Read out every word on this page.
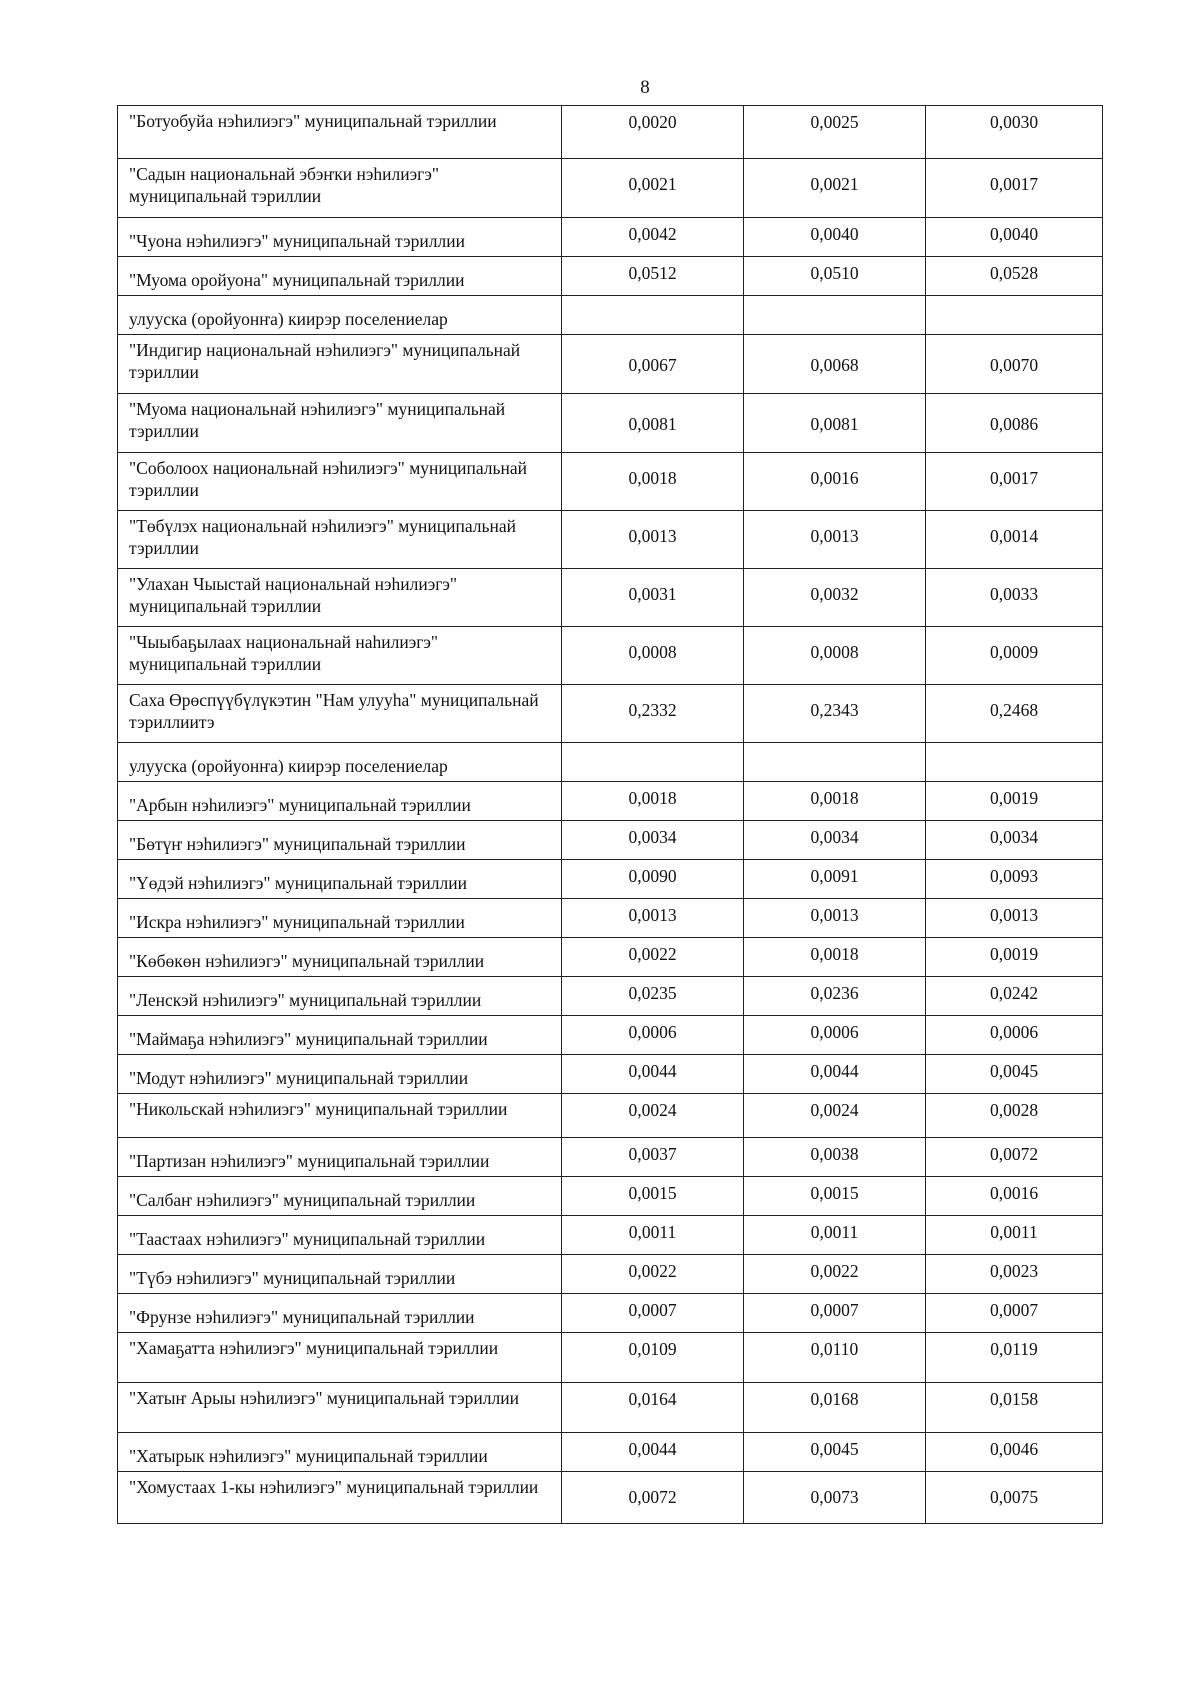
8
"Ботуобуйа нэһилиэгэ" муниципальнай тэриллии	0,0020	0,0025	0,0030
"Садын национальнай эбэҥки нэһилиэгэ" муниципальнай тэриллии	0,0021	0,0021	0,0017
"Чуона нэһилиэгэ" муниципальнай тэриллии	0,0042	0,0040	0,0040
"Муома оройуона" муниципальнай тэриллии	0,0512	0,0510	0,0528
улууска (оройуонҥа) киирэр поселениелар			
"Индигир национальнай нэһилиэгэ" муниципальнай тэриллии	0,0067	0,0068	0,0070
"Муома национальнай нэһилиэгэ" муниципальнай тэриллии	0,0081	0,0081	0,0086
"Соболоох национальнай нэһилиэгэ" муниципальнай тэриллии	0,0018	0,0016	0,0017
"Төбүлэх национальнай нэһилиэгэ" муниципальнай тэриллии	0,0013	0,0013	0,0014
"Улахан Чыыстай национальнай нэһилиэгэ" муниципальнай тэриллии	0,0031	0,0032	0,0033
"Чыыбаҕылаах национальнай наһилиэгэ" муниципальнай тэриллии	0,0008	0,0008	0,0009
Саха Өрөспүүбүлүкэтин "Нам улууһа" муниципальнай тэриллиитэ	0,2332	0,2343	0,2468
улууска (оройуонҥа) киирэр поселениелар			
"Арбын нэһилиэгэ" муниципальнай тэриллии	0,0018	0,0018	0,0019
"Бөтүҥ нэһилиэгэ" муниципальнай тэриллии	0,0034	0,0034	0,0034
"Үөдэй нэһилиэгэ" муниципальнай тэриллии	0,0090	0,0091	0,0093
"Искра нэһилиэгэ" муниципальнай тэриллии	0,0013	0,0013	0,0013
"Көбөкөн нэһилиэгэ" муниципальнай тэриллии	0,0022	0,0018	0,0019
"Ленскэй нэһилиэгэ" муниципальнай тэриллии	0,0235	0,0236	0,0242
"Маймаҕа нэһилиэгэ" муниципальнай тэриллии	0,0006	0,0006	0,0006
"Модут нэһилиэгэ" муниципальнай тэриллии	0,0044	0,0044	0,0045
"Никольскай нэһилиэгэ" муниципальнай тэриллии	0,0024	0,0024	0,0028
"Партизан нэһилиэгэ" муниципальнай тэриллии	0,0037	0,0038	0,0072
"Салбаҥ нэһилиэгэ" муниципальнай тэриллии	0,0015	0,0015	0,0016
"Таастаах нэһилиэгэ" муниципальнай тэриллии	0,0011	0,0011	0,0011
"Түбэ нэһилиэгэ" муниципальнай тэриллии	0,0022	0,0022	0,0023
"Фрунзе нэһилиэгэ" муниципальнай тэриллии	0,0007	0,0007	0,0007
"Хамаҕатта нэһилиэгэ" муниципальнай тэриллии	0,0109	0,0110	0,0119
"Хатыҥ Арыы нэһилиэгэ" муниципальнай тэриллии	0,0164	0,0168	0,0158
"Хатырык нэһилиэгэ" муниципальнай тэриллии	0,0044	0,0045	0,0046
"Хомустаах 1-кы нэһилиэгэ" муниципальнай тэриллии	0,0072	0,0073	0,0075
